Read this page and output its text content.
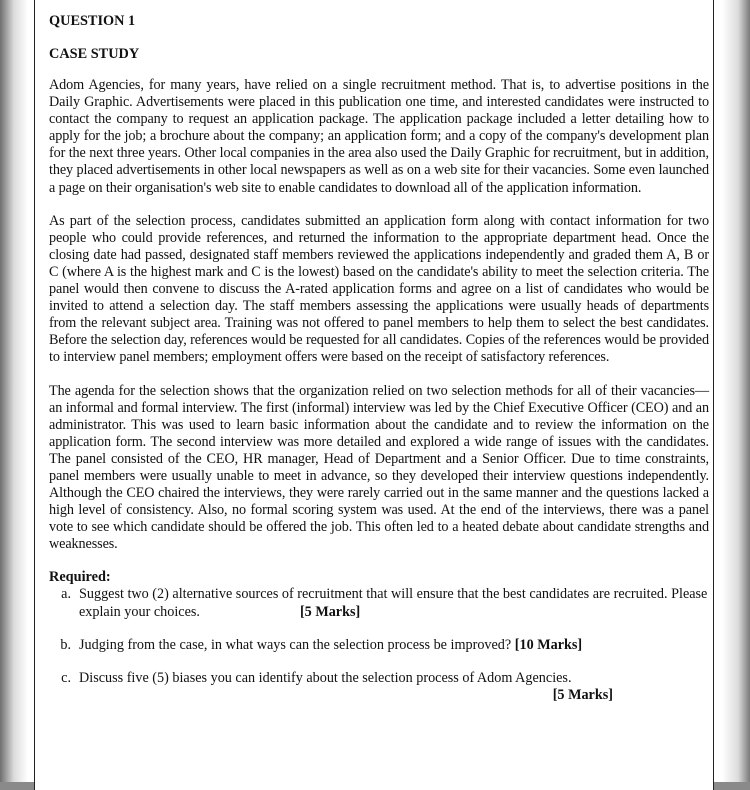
QUESTION 1

CASE STUDY

Adom Agencies, for many years, have relied on a single recruitment method. That is, to advertise positions in the Daily Graphic. Advertisements were placed in this publication one time, and interested candidates were instructed to contact the company to request an application package. The application package included a letter detailing how to apply for the job; a brochure about the company; an application form; and a copy of the company's development plan for the next three years. Other local companies in the area also used the Daily Graphic for recruitment, but in addition, they placed advertisements in other local newspapers as well as on a web site for their vacancies. Some even launched a page on their organisation's web site to enable candidates to download all of the application information.

As part of the selection process, candidates submitted an application form along with contact information for two people who could provide references, and returned the information to the appropriate department head. Once the closing date had passed, designated staff members reviewed the applications independently and graded them A, B or C (where A is the highest mark and C is the lowest) based on the candidate's ability to meet the selection criteria. The panel would then convene to discuss the A-rated application forms and agree on a list of candidates who would be invited to attend a selection day. The staff members assessing the applications were usually heads of departments from the relevant subject area. Training was not offered to panel members to help them to select the best candidates. Before the selection day, references would be requested for all candidates. Copies of the references would be provided to interview panel members; employment offers were based on the receipt of satisfactory references.

The agenda for the selection shows that the organization relied on two selection methods for all of their vacancies—an informal and formal interview. The first (informal) interview was led by the Chief Executive Officer (CEO) and an administrator. This was used to learn basic information about the candidate and to review the information on the application form. The second interview was more detailed and explored a wide range of issues with the candidates. The panel consisted of the CEO, HR manager, Head of Department and a Senior Officer. Due to time constraints, panel members were usually unable to meet in advance, so they developed their interview questions independently. Although the CEO chaired the interviews, they were rarely carried out in the same manner and the questions lacked a high level of consistency. Also, no formal scoring system was used. At the end of the interviews, there was a panel vote to see which candidate should be offered the job. This often led to a heated debate about candidate strengths and weaknesses.

Required:
a. Suggest two (2) alternative sources of recruitment that will ensure that the best candidates are recruited. Please explain your choices.	[5 Marks]
b. Judging from the case, in what ways can the selection process be improved? [10 Marks]
c. Discuss five (5) biases you can identify about the selection process of Adom Agencies.
[5 Marks]
